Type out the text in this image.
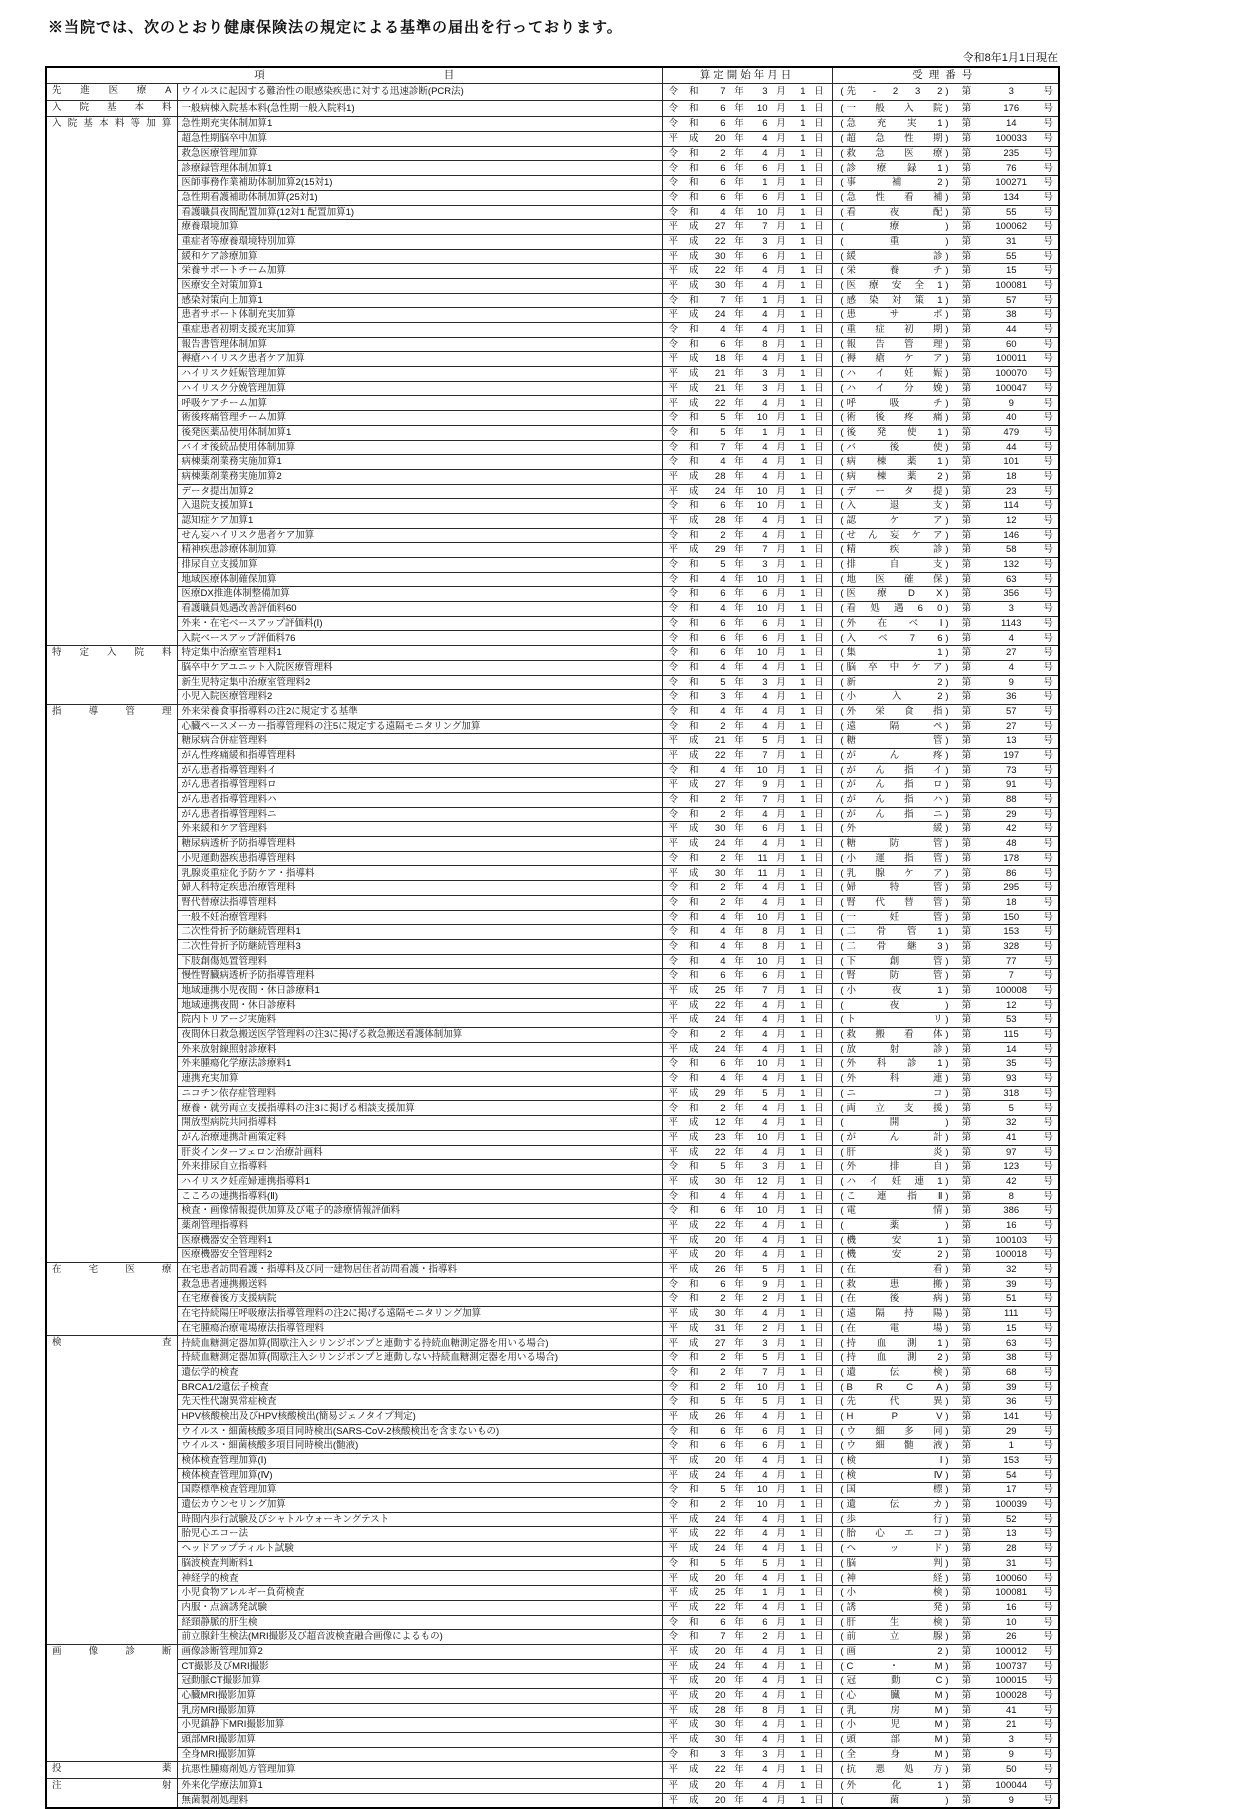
※当院では、次のとおり健康保険法の規定による基準の届出を行っております。
令和8年1月1日現在
項 目		算定開始年月日	受理番号

先 進 医 療 A	ウイルスに起因する難治性の眼感染疾患に対する迅速診断(PCR法)	令 和	7 年	3 月	1 日	( 先 - 2 3 2 )	第	3	号

入 院 基 本 料	一般病棟入院基本料(急性期一般入院料1)	令 和	6 年	10 月	1 日	( 一 般 入 院 )	第	176	号

入 院 基 本 料 等 加 算	急性期充実体制加算1	令 和	6 年	6 月	1 日	( 急 充 実 1 )	第	14	号

超急性期脳卒中加算	平 成	20 年	4 月	1 日	( 超 急 性 期 )	第	100033	号

救急医療管理加算	令 和	2 年	4 月	1 日	( 救 急 医 療 )	第	235	号

診療録管理体制加算1	令 和	6 年	6 月	1 日	( 診 療 録 1 )	第	76	号

医師事務作業補助体制加算2(15対1)	令 和	6 年	1 月	1 日	( 事	補	2 )	第	100271	号

急性期看護補助体制加算(25対1)	令 和	6 年	6 月	1 日	( 急 性 看 補 )	第	134	号

看護職員夜間配置加算(12対1 配置加算1)	令 和	4 年	10 月	1 日	( 看	夜	配 )	第	55	号

療養環境加算	平 成	27 年	7 月	1 日	(	療	)	第	100062	号

重症者等療養環境特別加算	平 成	22 年	3 月	1 日	(	重	)	第	31	号

緩和ケア診療加算	平 成	30 年	6 月	1 日	( 緩	診 )	第	55	号

栄養サポートチーム加算	平 成	22 年	4 月	1 日	( 栄	養	チ )	第	15	号

医療安全対策加算1	平 成	30 年	4 月	1 日	( 医 療 安 全 1 )	第	100081	号

感染対策向上加算1	令 和	7 年	1 月	1 日	( 感 染 対 策 1 )	第	57	号

患者サポート体制充実加算	平 成	24 年	4 月	1 日	( 患	サ	ポ )	第	38	号

重症患者初期支援充実加算	令 和	4 年	4 月	1 日	( 重 症 初 期 )	第	44	号

報告書管理体制加算	令 和	6 年	8 月	1 日	( 報 告 管 理 )	第	60	号

褥瘡ハイリスク患者ケア加算	平 成	18 年	4 月	1 日	( 褥 瘡 ケ ア )	第	100011	号

ハイリスク妊娠管理加算	平 成	21 年	3 月	1 日	( ハ イ 妊 娠 )	第	100070	号

ハイリスク分娩管理加算	平 成	21 年	3 月	1 日	( ハ イ 分 娩 )	第	100047	号

呼吸ケアチーム加算	平 成	22 年	4 月	1 日	( 呼	吸	チ )	第	9	号

術後疼痛管理チーム加算	令 和	5 年	10 月	1 日	( 術 後 疼 痛 )	第	40	号

後発医薬品使用体制加算1	令 和	5 年	1 月	1 日	( 後 発 使 1 )	第	479	号

バイオ後続品使用体制加算	令 和	7 年	4 月	1 日	( バ	後	使 )	第	44	号

病棟薬剤業務実施加算1	令 和	4 年	4 月	1 日	( 病 棟 薬 1 )	第	101	号

病棟薬剤業務実施加算2	平 成	28 年	4 月	1 日	( 病 棟 薬 2 )	第	18	号

データ提出加算2	平 成	24 年	10 月	1 日	( デ ー タ 提 )	第	23	号

入退院支援加算1	令 和	6 年	10 月	1 日	( 入	退	支 )	第	114	号

認知症ケア加算1	平 成	28 年	4 月	1 日	( 認	ケ	ア )	第	12	号

せん妄ハイリスク患者ケア加算	令 和	2 年	4 月	1 日	( せ ん 妄 ケ ア )	第	146	号

精神疾患診療体制加算	平 成	29 年	7 月	1 日	( 精	疾	診 )	第	58	号

排尿自立支援加算	令 和	5 年	3 月	1 日	( 排	自	支 )	第	132	号

地域医療体制確保加算	令 和	4 年	10 月	1 日	( 地 医 確 保 )	第	63	号

医療DX推進体制整備加算	令 和	6 年	6 月	1 日	( 医 療 D X )	第	356	号

看護職員処遇改善評価料60	令 和	4 年	10 月	1 日	( 看 処 遇 6 0 )	第	3	号

外来・在宅ベースアップ評価料(Ⅰ)	令 和	6 年	6 月	1 日	( 外 在 ベ Ⅰ )	第	1143	号

入院ベースアップ評価料76	令 和	6 年	6 月	1 日	( 入 ベ 7 6 )	第	4	号

特 定 入 院 料	特定集中治療室管理料1	令 和	6 年	10 月	1 日	( 集	1 )	第	27	号

脳卒中ケアユニット入院医療管理料	令 和	4 年	4 月	1 日	( 脳 卒 中 ケ ア )	第	4	号

新生児特定集中治療室管理料2	令 和	5 年	3 月	1 日	( 新	2 )	第	9	号

小児入院医療管理料2	令 和	3 年	4 月	1 日	( 小	入	2 )	第	36	号

指	導	管	理	外来栄養食事指導料の注2に規定する基準	令 和	4 年	4 月	1 日	( 外 栄 食 指 )	第	57	号

心臓ペースメーカー指導管理料の注5に規定する遠隔モニタリング加算	令 和	2 年	4 月	1 日	( 遠	隔	ペ )	第	27	号

糖尿病合併症管理料	平 成	21 年	5 月	1 日	( 糖	管 )	第	13	号

がん性疼痛緩和指導管理料	平 成	22 年	7 月	1 日	( が	ん	疼 )	第	197	号

がん患者指導管理料イ	令 和	4 年	10 月	1 日	( が ん 指 イ )	第	73	号

がん患者指導管理料ロ	平 成	27 年	9 月	1 日	( が ん 指 ロ )	第	91	号

がん患者指導管理料ハ	令 和	2 年	7 月	1 日	( が ん 指 ハ )	第	88	号

がん患者指導管理料ニ	令 和	2 年	4 月	1 日	( が ん 指 ニ )	第	29	号

外来緩和ケア管理料	平 成	30 年	6 月	1 日	( 外	緩 )	第	42	号

糖尿病透析予防指導管理料	平 成	24 年	4 月	1 日	( 糖	防	管 )	第	48	号

小児運動器疾患指導管理料	令 和	2 年	11 月	1 日	( 小 運 指 管 )	第	178	号

乳腺炎重症化予防ケア・指導料	平 成	30 年	11 月	1 日	( 乳 腺 ケ ア )	第	86	号

婦人科特定疾患治療管理料	令 和	2 年	4 月	1 日	( 婦	特	管 )	第	295	号

腎代替療法指導管理料	令 和	2 年	4 月	1 日	( 腎 代 替 管 )	第	18	号

一般不妊治療管理料	令 和	4 年	10 月	1 日	( 一	妊	管 )	第	150	号

二次性骨折予防継続管理料1	令 和	4 年	8 月	1 日	( 二 骨 管 1 )	第	153	号

二次性骨折予防継続管理料3	令 和	4 年	8 月	1 日	( 二 骨 継 3 )	第	328	号

下肢創傷処置管理料	令 和	4 年	10 月	1 日	( 下	創	管 )	第	77	号

慢性腎臓病透析予防指導管理料	令 和	6 年	6 月	1 日	( 腎	防	管 )	第	7	号

地域連携小児夜間・休日診療料1	平 成	25 年	7 月	1 日	( 小	夜	1 )	第	100008	号

地域連携夜間・休日診療料	平 成	22 年	4 月	1 日	(	夜	)	第	12	号

院内トリアージ実施料	平 成	24 年	4 月	1 日	( ト	リ )	第	53	号

夜間休日救急搬送医学管理料の注3に掲げる救急搬送看護体制加算	令 和	2 年	4 月	1 日	( 救 搬 看 体 )	第	115	号

外来放射線照射診療料	平 成	24 年	4 月	1 日	( 放	射	診 )	第	14	号

外来腫瘍化学療法診療料1	令 和	6 年	10 月	1 日	( 外 科 診 1 )	第	35	号

連携充実加算	令 和	4 年	4 月	1 日	( 外	科	連 )	第	93	号

ニコチン依存症管理料	平 成	29 年	5 月	1 日	( ニ	コ )	第	318	号

療養・就労両立支援指導料の注3に掲げる相談支援加算	令 和	2 年	4 月	1 日	( 両 立 支 援 )	第	5	号

開放型病院共同指導料	平 成	12 年	4 月	1 日	(	開	)	第	32	号

がん治療連携計画策定料	平 成	23 年	10 月	1 日	( が	ん	計 )	第	41	号

肝炎インターフェロン治療計画料	平 成	22 年	4 月	1 日	( 肝	炎 )	第	97	号

外来排尿自立指導料	令 和	5 年	3 月	1 日	( 外	排	自 )	第	123	号

ハイリスク妊産婦連携指導料1	平 成	30 年	12 月	1 日	( ハ イ 妊 連 1 )	第	42	号

こころの連携指導料(Ⅱ)	令 和	4 年	4 月	1 日	( こ 連 指 Ⅱ )	第	8	号

検査・画像情報提供加算及び電子的診療情報評価料	令 和	6 年	10 月	1 日	( 電	情 )	第	386	号

薬剤管理指導料	平 成	22 年	4 月	1 日	(	薬	)	第	16	号

医療機器安全管理料1	平 成	20 年	4 月	1 日	( 機	安	1 )	第	100103	号

医療機器安全管理料2	平 成	20 年	4 月	1 日	( 機	安	2 )	第	100018	号

在	宅	医	療	在宅患者訪問看護・指導料及び同一建物居住者訪問看護・指導料	平 成	26 年	5 月	1 日	( 在	看 )	第	32	号

救急患者連携搬送料	令 和	6 年	9 月	1 日	( 救	患	搬 )	第	39	号

在宅療養後方支援病院	令 和	2 年	2 月	1 日	( 在	後	病 )	第	51	号

在宅持続陽圧呼吸療法指導管理料の注2に掲げる遠隔モニタリング加算	平 成	30 年	4 月	1 日	( 遠 隔 持 陽 )	第	111	号

在宅腫瘍治療電場療法指導管理料	平 成	31 年	2 月	1 日	( 在	電	場 )	第	15	号

検	査	持続血糖測定器加算(間歇注入シリンジポンプと連動する持続血糖測定器を用いる場合)	平 成	27 年	3 月	1 日	( 持 血 測 1 )	第	63	号

持続血糖測定器加算(間歇注入シリンジポンプと連動しない持続血糖測定器を用いる場合)	令 和	2 年	5 月	1 日	( 持 血 測 2 )	第	38	号

遺伝学的検査	令 和	2 年	7 月	1 日	( 遺	伝	検 )	第	68	号

BRCA1/2遺伝子検査	令 和	2 年	10 月	1 日	( B R C A )	第	39	号

先天性代謝異常症検査	令 和	5 年	5 月	1 日	( 先	代	異 )	第	36	号

HPV核酸検出及びHPV核酸検出(簡易ジェノタイプ判定)	平 成	26 年	4 月	1 日	( H	P	V )	第	141	号

ウイルス・細菌核酸多項目同時検出(SARS-CoV-2核酸検出を含まないもの)	令 和	6 年	6 月	1 日	( ウ 細 多 同 )	第	29	号

ウイルス・細菌核酸多項目同時検出(髄液)	令 和	6 年	6 月	1 日	( ウ 細 髄 液 )	第	1	号

検体検査管理加算(Ⅰ)	平 成	20 年	4 月	1 日	( 検	Ⅰ )	第	153	号

検体検査管理加算(Ⅳ)	平 成	24 年	4 月	1 日	( 検	Ⅳ )	第	54	号

国際標準検査管理加算	令 和	5 年	10 月	1 日	( 国	標 )	第	17	号

遺伝カウンセリング加算	令 和	2 年	10 月	1 日	( 遺	伝	カ )	第	100039	号

時間内歩行試験及びシャトルウォーキングテスト	平 成	24 年	4 月	1 日	( 歩	行 )	第	52	号

胎児心エコー法	平 成	22 年	4 月	1 日	( 胎 心 エ コ )	第	13	号

ヘッドアップティルト試験	平 成	24 年	4 月	1 日	( ヘ	ッ	ド )	第	28	号

脳波検査判断料1	令 和	5 年	5 月	1 日	( 脳	判 )	第	31	号

神経学的検査	平 成	20 年	4 月	1 日	( 神	経 )	第	100060	号

小児食物アレルギー負荷検査	平 成	25 年	1 月	1 日	( 小	検 )	第	100081	号

内服・点滴誘発試験	平 成	22 年	4 月	1 日	( 誘	発 )	第	16	号

経頸静脈的肝生検	令 和	6 年	6 月	1 日	( 肝	生	検 )	第	10	号

前立腺針生検法(MRI撮影及び超音波検査融合画像によるもの)	令 和	7 年	2 月	1 日	( 前	立	腺 )	第	26	号

画	像	診	断	画像診断管理加算2	平 成	20 年	4 月	1 日	( 画	2 )	第	100012	号

CT撮影及びMRI撮影	平 成	24 年	4 月	1 日	( C	・	M )	第	100737	号

冠動脈CT撮影加算	平 成	20 年	4 月	1 日	( 冠	動	C )	第	100015	号

心臓MRI撮影加算	平 成	20 年	4 月	1 日	( 心	臓	M )	第	100028	号

乳房MRI撮影加算	平 成	28 年	8 月	1 日	( 乳	房	M )	第	41	号

小児鎮静下MRI撮影加算	平 成	30 年	4 月	1 日	( 小	児	M )	第	21	号

頭部MRI撮影加算	平 成	30 年	4 月	1 日	( 頭	部	M )	第	3	号

全身MRI撮影加算	令 和	3 年	3 月	1 日	( 全	身	M )	第	9	号

投	薬	抗悪性腫瘍剤処方管理加算	平 成	22 年	4 月	1 日	( 抗 悪 処 方 )	第	50	号

注	射	外来化学療法加算1	平 成	20 年	4 月	1 日	( 外	化	1 )	第	100044	号

無菌製剤処理料	平 成	20 年	4 月	1 日	(	菌	)	第	9	号
